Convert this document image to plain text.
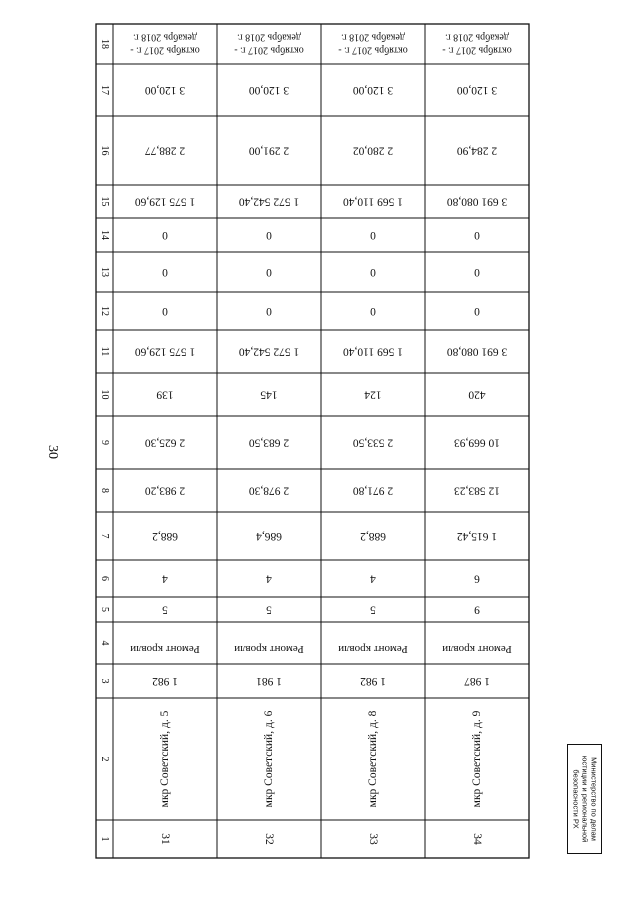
30
1
2
3
4
5
6
7
8
9
10
11
12
13
14
15
16
17
18
31
мкр Советский, д. 5
1 982
Ремонт кровли
5
4
688,2
2 983,20
2 625,30
139
1 575 129,60
0
0
0
1 575 129,60
2 288,77
3 120,00
октябрь 2017 г. -
декабрь 2018 г.
32
мкр Советский, д. 6
1 981
Ремонт кровли
5
4
686,4
2 978,30
2 683,50
145
1 572 542,40
0
0
0
1 572 542,40
2 291,00
3 120,00
октябрь 2017 г. -
декабрь 2018 г.
33
мкр Советский, д. 8
1 982
Ремонт кровли
5
4
688,2
2 971,80
2 533,50
124
1 569 110,40
0
0
0
1 569 110,40
2 280,02
3 120,00
октябрь 2017 г. -
декабрь 2018 г.
34
мкр Советский, д. 9
1 987
Ремонт кровли
9
6
1 615,42
12 583,23
10 669,93
420
3 691 080,80
0
0
0
3 691 080,80
2 284,90
3 120,00
октябрь 2017 г. -
декабрь 2018 г.
Министерство по делам юстиции и региональной безопасности РХ
